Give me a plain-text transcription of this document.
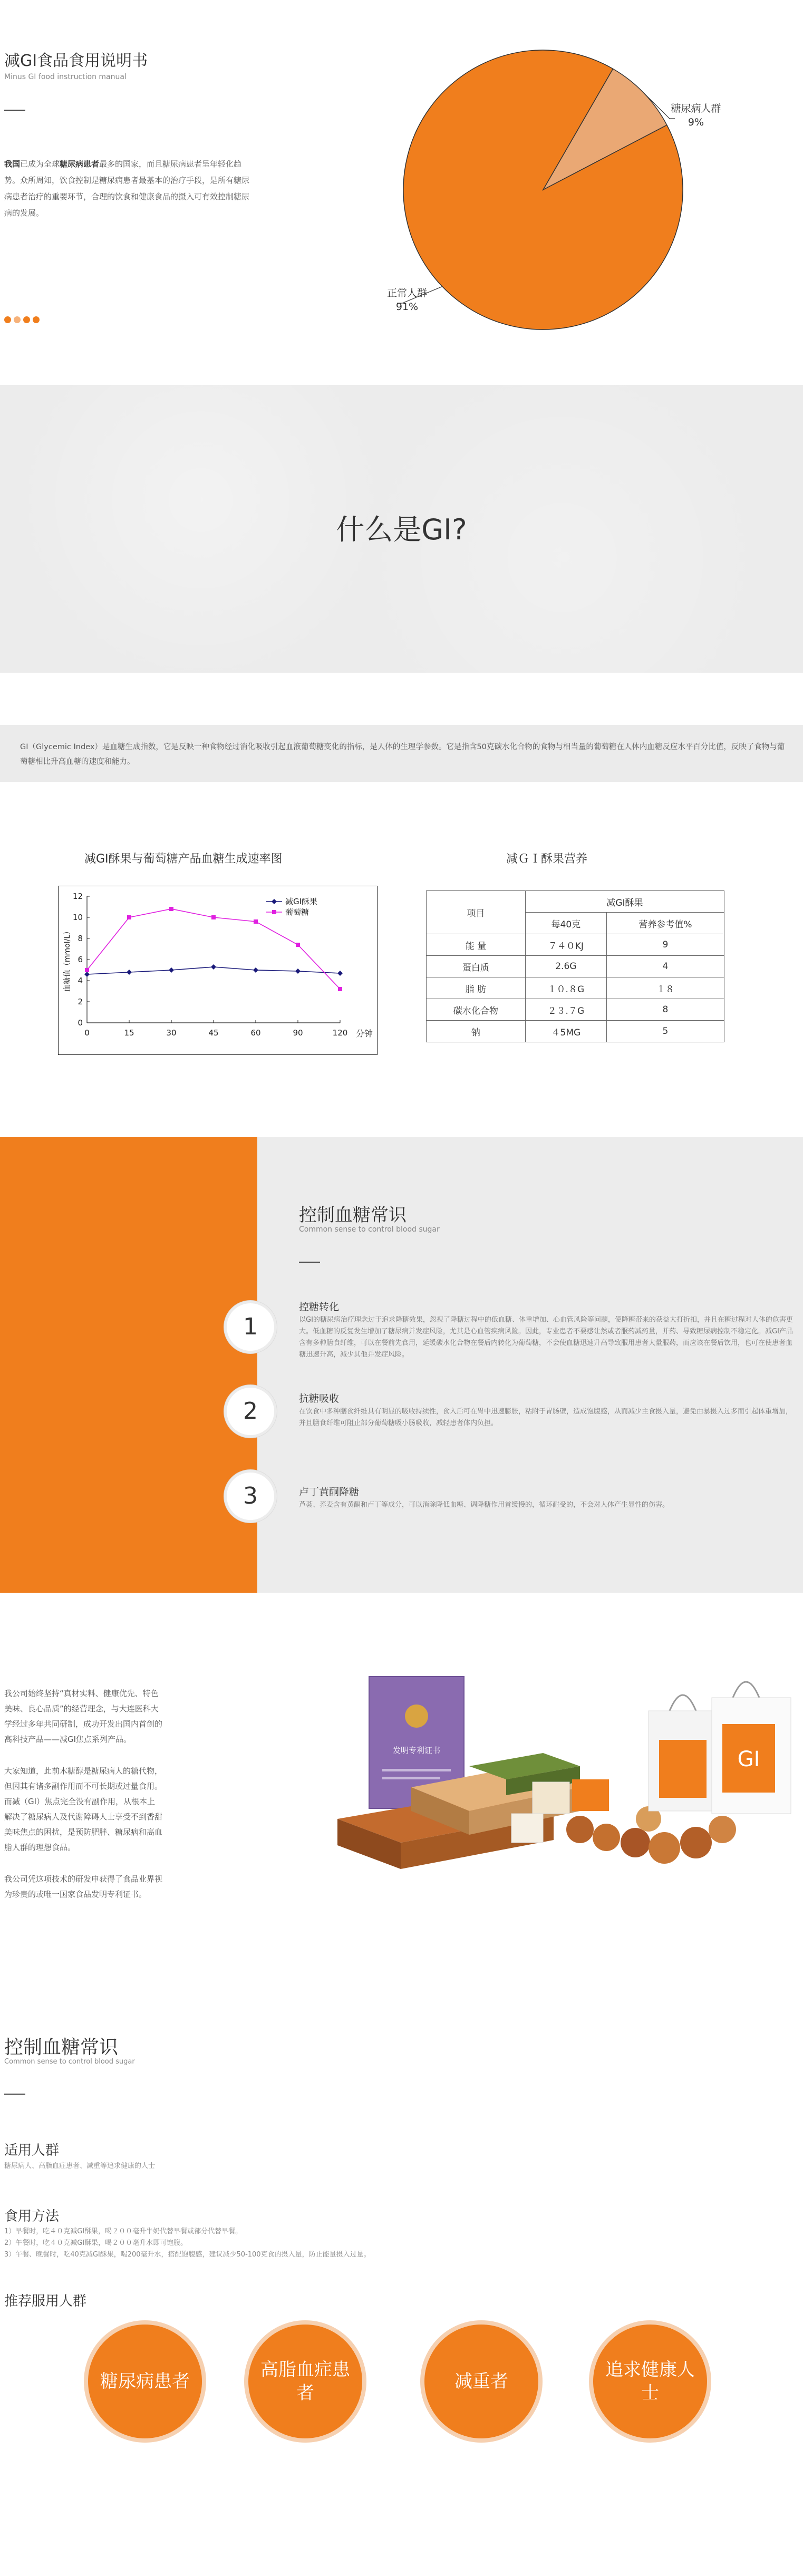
减GI食品食用说明书
Minus GI food instruction manual
我国已成为全球糖尿病患者最多的国家，而且糖尿病患者呈年轻化趋势。众所周知，饮食控制是糖尿病患者最基本的治疗手段，是所有糖尿病患者治疗的重要环节，合理的饮食和健康食品的摄入可有效控制糖尿病的发展。
糖尿病人群
9%
正常人群
91%
什么是GI?
GI（Glycemic Index）是血糖生成指数，它是反映一种食物经过消化吸收引起血液葡萄糖变化的指标，是人体的生理学参数。它是指含50克碳水化合物的食物与相当量的葡萄糖在人体内血糖反应水平百分比值，反映了食物与葡萄糖相比升高血糖的速度和能力。
减GI酥果与葡萄糖产品血糖生成速率图	减ＧＩ酥果营养
0
2
4
6
8
10
12
0	15	30	45	60	90	120 分钟
血糖值（mmol/L）
减GI酥果
葡萄糖	项目	减GI酥果	
	每40克	营养参考值%
能 量	７４０KJ	9
蛋白质	2.6G	4
脂 肪	１０.８G	１８
碳水化合物	２３.７G	8
钠	４5MG	5
控制血糖常识
Common sense to control blood sugar
1
控糖转化
以GI的糖尿病治疗理念过于追求降糖效果，忽视了降糖过程中的低血糖、体重增加、心血管风险等问题，使降糖带来的获益大打折扣，并且在糖过程对人体的危害更大。低血糖的反复发生增加了糖尿病并发症风险，尤其是心血管疾病风险。因此，专业患者不要感让然或者服药减药量，并药、导致糖尿病控制不稳定化。减GI产品含有多种膳食纤维，可以在餐前先食用，延缓碳水化合物在餐后内转化为葡萄糖，不会使血糖迅速升高导致服用患者大量服药，而应该在餐后饮用，也可在使患者血糖迅速升高，减少其他并发症风险。
2	抗糖吸收
在饮食中多种膳食纤维具有明显的吸收持续性，食入后可在胃中迅速膨胀，粘附于胃肠壁，造成饱腹感，从而减少主食摄入量，避免由暴摄入过多而引起体重增加，并且膳食纤维可阻止部分葡萄糖吸小肠吸收，减轻患者体内负担。
3	卢丁黄酮降糖
芦荟、荞麦含有黄酮和卢丁等成分，可以消除降低血糖、调降糖作用首缓慢的，循环耐受的，不会对人体产生显性的伤害。

我公司始终坚持“真材实料、健康优先、特色美味、良心品质”的经营理念，与大连医科大学经过多年共同研制，成功开发出国内首创的高科技产品——减GI焦点系列产品。

大家知道，此前木糖醇是糖尿病人的糖代物，但因其有诸多副作用而不可长期或过量食用。而减（GI）焦点完全没有副作用，从根本上解决了糖尿病人及代谢障碍人士享受不到香甜美味焦点的困扰，是预防肥胖、糖尿病和高血脂人群的理想食品。

我公司凭这项技术的研发申获得了食品业界视为珍贵的或唯一国家食品发明专利证书。

发明专利证书	GI
控制血糖常识
Common sense to control blood sugar
适用人群
糖尿病人、高脂血症患者、减重等追求健康的人士
食用方法
1）早餐时，吃４０克减GI酥果，喝２００毫升牛奶代替早餐或部分代替早餐。
2）午餐时，吃４０克减GI酥果，喝２００毫升水即可饱腹。
3）午餐、晚餐时，吃40克减GI酥果，喝200毫升水，搭配饱腹感，建议减少50-100克食的摄入量，防止能量摄入过量。
推荐服用人群
糖尿病患者
高脂血症患者
减重者
追求健康人士
